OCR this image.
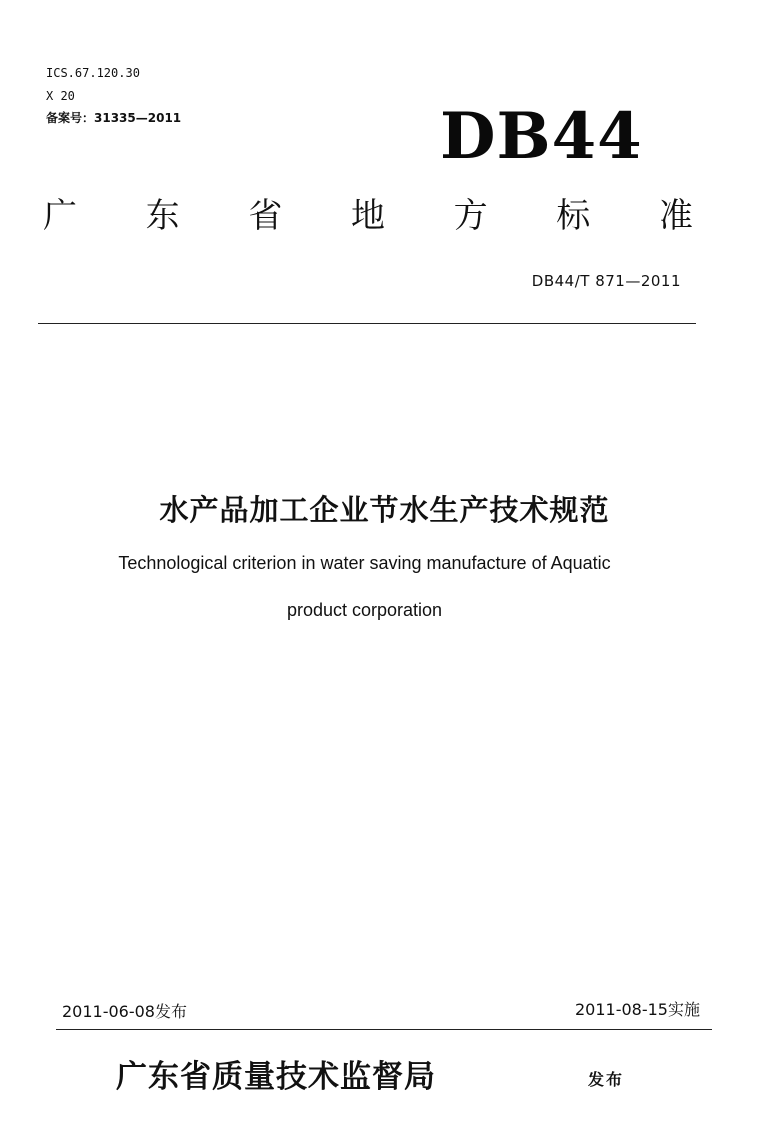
ICS.67.120.30
X 20
备案号：31335—2011	DB44
广 东 省 地 方 标 准
DB44/T 871—2011
水产品加工企业节水生产技术规范
Technological criterion in water saving manufacture of Aquatic
product corporation
2011-06-08发布	2011-08-15实施
广东省质量技术监督局	发布
